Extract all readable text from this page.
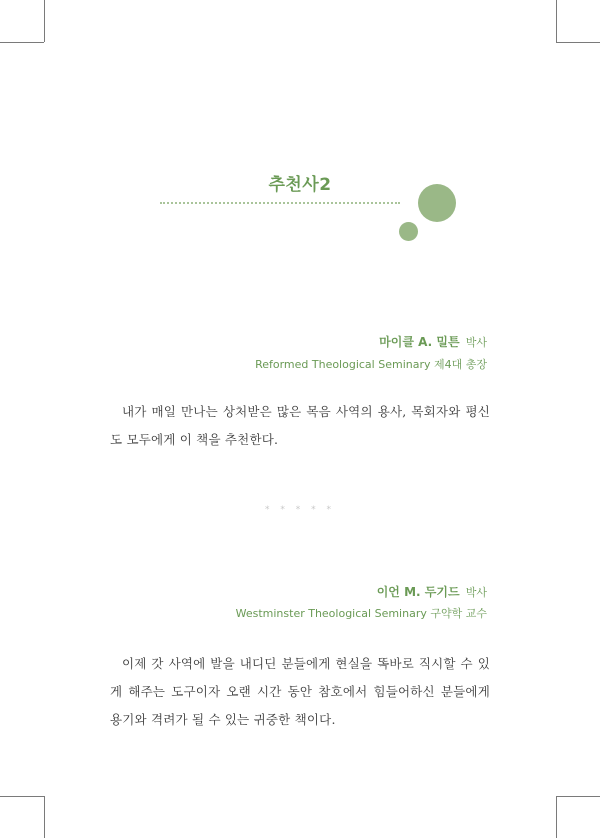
추천사2
마이클 A. 밀튼 박사
Reformed Theological Seminary 제4대 총장

내가 매일 만나는 상처받은 많은 목음 사역의 용사, 목회자와 평신도 모두에게 이 책을 추천한다.

* * * * *
이언 M. 두기드 박사
Westminster Theological Seminary 구약학 교수

이제 갓 사역에 발을 내디딘 분들에게 현실을 똑바로 직시할 수 있게 해주는 도구이자 오랜 시간 동안 참호에서 힘들어하신 분들에게 용기와 격려가 될 수 있는 귀중한 책이다.
